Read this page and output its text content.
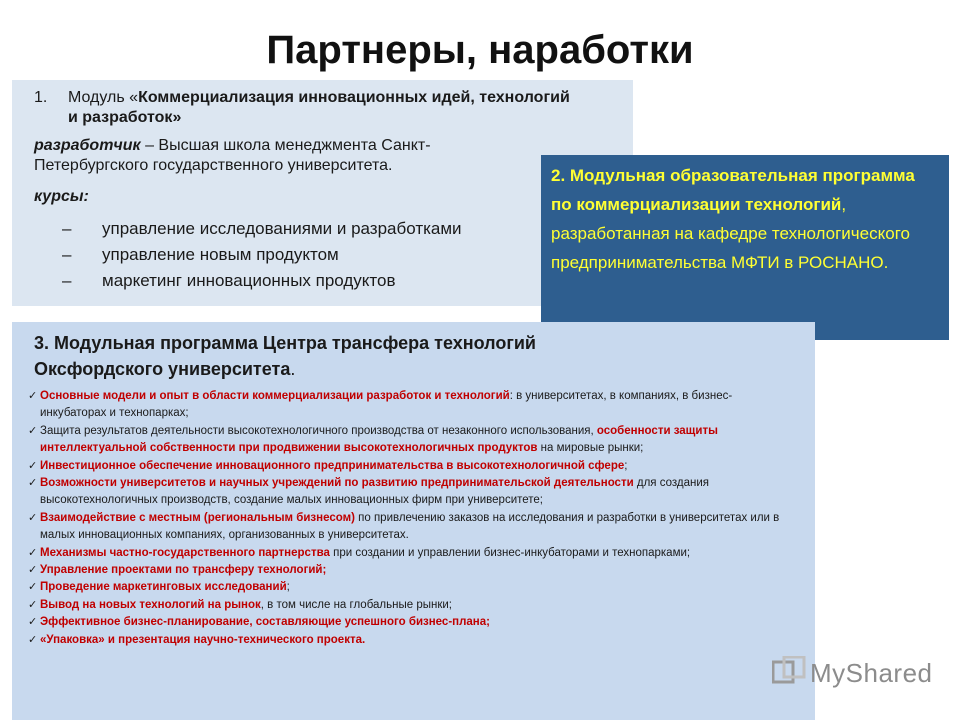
Партнеры, наработки
1. Модуль «Коммерциализация инновационных идей, технологий и разработок»
разработчик – Высшая школа менеджмента Санкт-Петербургского государственного университета.
курсы:
– управление исследованиями и разработками
– управление новым продуктом
– маркетинг инновационных продуктов
2. Модульная образовательная программа по коммерциализации технологий, разработанная на кафедре технологического предпринимательства МФТИ в РОСНАНО.
3. Модульная программа Центра трансфера технологий Оксфордского университета.
✓ Основные модели и опыт в области коммерциализации разработок и технологий: в университетах, в компаниях, в бизнес-инкубаторах и технопарках;
✓ Защита результатов деятельности высокотехнологичного производства от незаконного использования, особенности защиты интеллектуальной собственности при продвижении высокотехнологичных продуктов на мировые рынки;
✓ Инвестиционное обеспечение инновационного предпринимательства в высокотехнологичной сфере;
✓ Возможности университетов и научных учреждений по развитию предпринимательской деятельности для создания высокотехнологичных производств, создание малых инновационных фирм при университете;
✓ Взаимодействие с местным (региональным бизнесом) по привлечению заказов на исследования и разработки в университетах или в малых инновационных компаниях, организованных в университетах.
✓ Механизмы частно-государственного партнерства при создании и управлении бизнес-инкубаторами и технопарками;
✓ Управление проектами по трансферу технологий;
✓ Проведение маркетинговых исследований;
✓ Вывод на новых технологий на рынок, в том числе на глобальные рынки;
✓ Эффективное бизнес-планирование, составляющие успешного бизнес-плана;
✓ «Упаковка» и презентация научно-технического проекта.
MyShared
